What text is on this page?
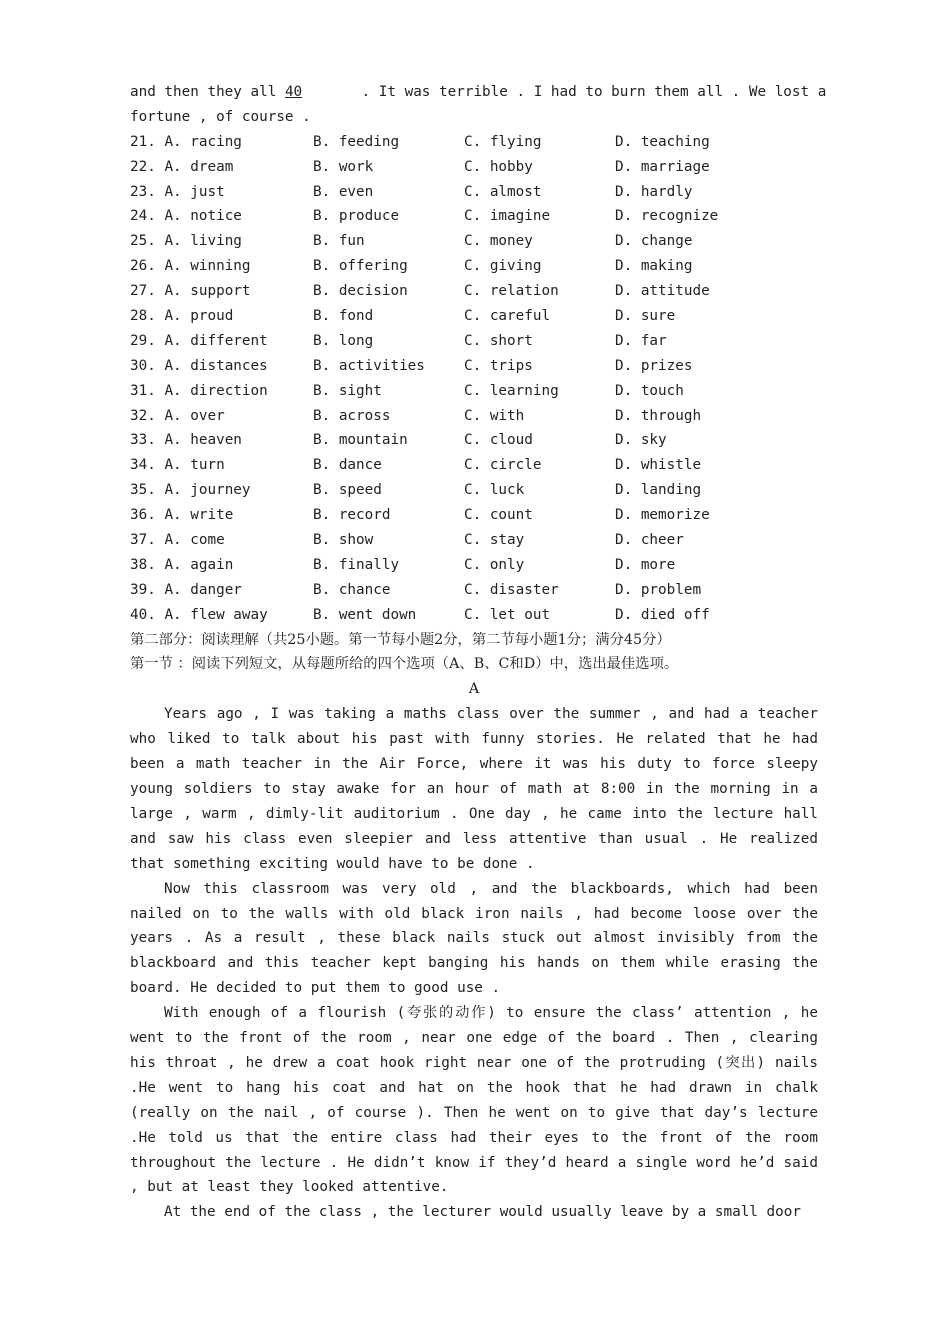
and then they all 40	. It was terrible . I had to burn them all . We lost a
fortune , of course .
21. A. racing	B. feeding	C. flying	D. teaching
22. A. dream	B. work	C. hobby	D. marriage
23. A. just	B. even	C. almost	D. hardly
24. A. notice	B. produce	C. imagine	D. recognize
25. A. living	B. fun	C. money	D. change
26. A. winning	B. offering	C. giving	D. making
27. A. support	B. decision	C. relation	D. attitude
28. A. proud	B. fond	C. careful	D. sure
29. A. different	B. long	C. short	D. far
30. A. distances	B. activities	C. trips	D. prizes
31. A. direction	B. sight	C. learning	D. touch
32. A. over	B. across	C. with	D. through
33. A. heaven	B. mountain	C. cloud	D. sky
34. A. turn	B. dance	C. circle	D. whistle
35. A. journey	B. speed	C. luck	D. landing
36. A. write	B. record	C. count	D. memorize
37. A. come	B. show	C. stay	D. cheer
38. A. again	B. finally	C. only	D. more
39. A. danger	B. chance	C. disaster	D. problem
40. A. flew away	B. went down	C. let out	D. died off
第二部分：阅读理解（共25小题。第一节每小题2分，第二节每小题1分；满分45分）
第一节 ：阅读下列短文，从每题所给的四个选项（A、B、C和D）中，选出最佳选项。
A
Years ago , I was taking a maths class over the summer , and had a teacher who liked to talk about his past with funny stories. He related that he had been a math teacher in the Air Force, where it was his duty to force sleepy young soldiers to stay awake for an hour of math at 8:00 in the morning in a large , warm , dimly-lit auditorium . One day , he came into the lecture hall and saw his class even sleepier and less attentive than usual . He realized that something exciting would have to be done .
Now this classroom was very old , and the blackboards, which had been nailed on to the walls with old black iron nails , had become loose over the years . As a result , these black nails stuck out almost invisibly from the blackboard and this teacher kept banging his hands on them while erasing the board. He decided to put them to good use .
With enough of a flourish (夸张的动作) to ensure the class’ attention , he went to the front of the room , near one edge of the board . Then , clearing his throat , he drew a coat hook right near one of the protruding (突出) nails .He went to hang his coat and hat on the hook that he had drawn in chalk (really on the nail , of course ). Then he went on to give that day’s lecture .He told us that the entire class had their eyes to the front of the room throughout the lecture . He didn’t know if they’d heard a single word he’d said , but at least they looked attentive.
At the end of the class , the lecturer would usually leave by a small door
